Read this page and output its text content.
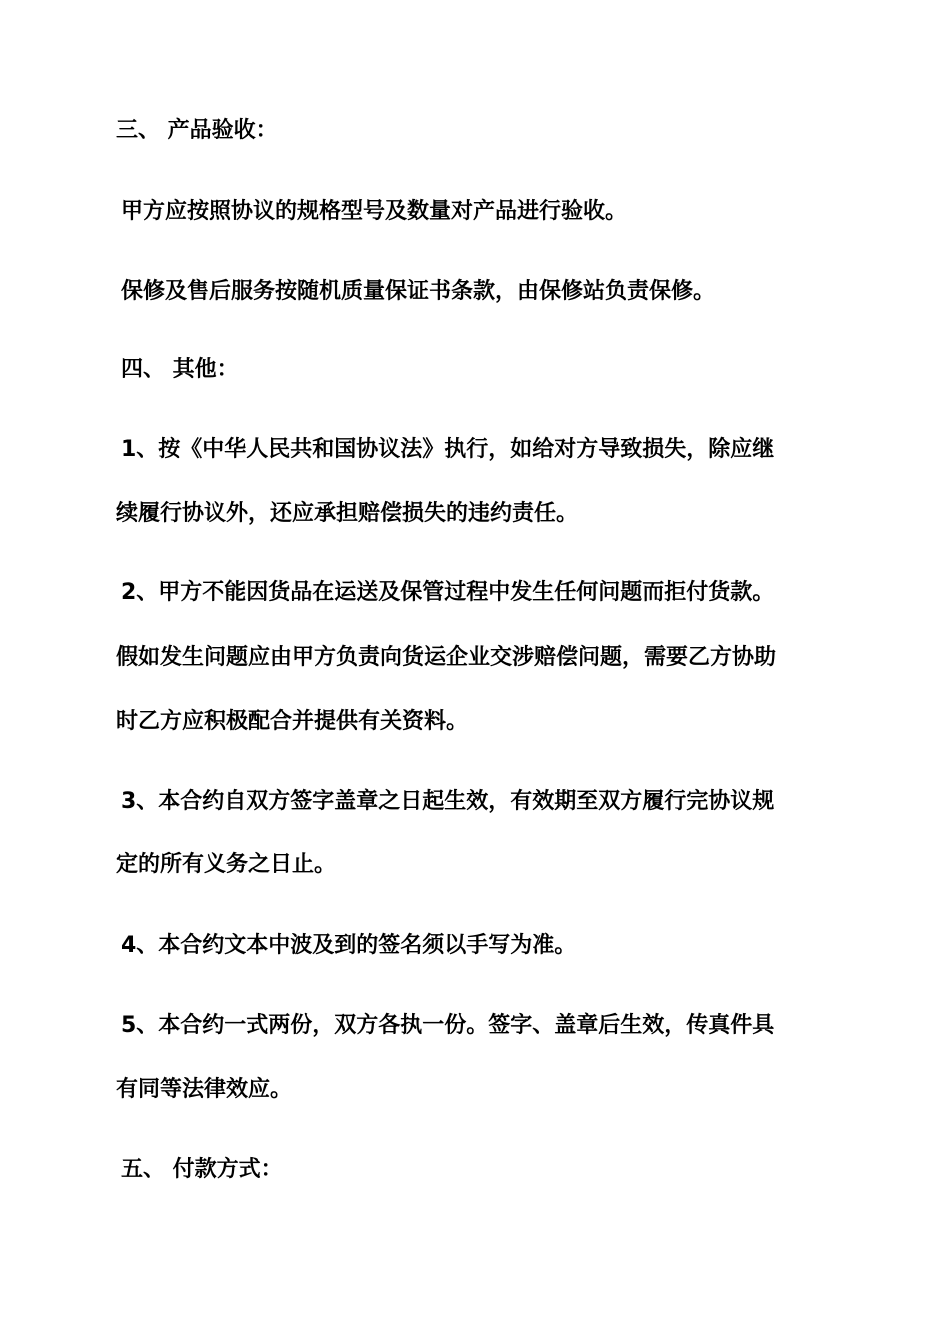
三、 产品验收：

甲方应按照协议的规格型号及数量对产品进行验收。

保修及售后服务按随机质量保证书条款，由保修站负责保修。

四、 其他：

1、按《中华人民共和国协议法》执行，如给对方导致损失，除应继

续履行协议外，还应承担赔偿损失的违约责任。

2、甲方不能因货品在运送及保管过程中发生任何问题而拒付货款。

假如发生问题应由甲方负责向货运企业交涉赔偿问题，需要乙方协助

时乙方应积极配合并提供有关资料。

3、本合约自双方签字盖章之日起生效，有效期至双方履行完协议规

定的所有义务之日止。

4、本合约文本中波及到的签名须以手写为准。

5、本合约一式两份，双方各执一份。签字、盖章后生效，传真件具

有同等法律效应。

五、 付款方式：
